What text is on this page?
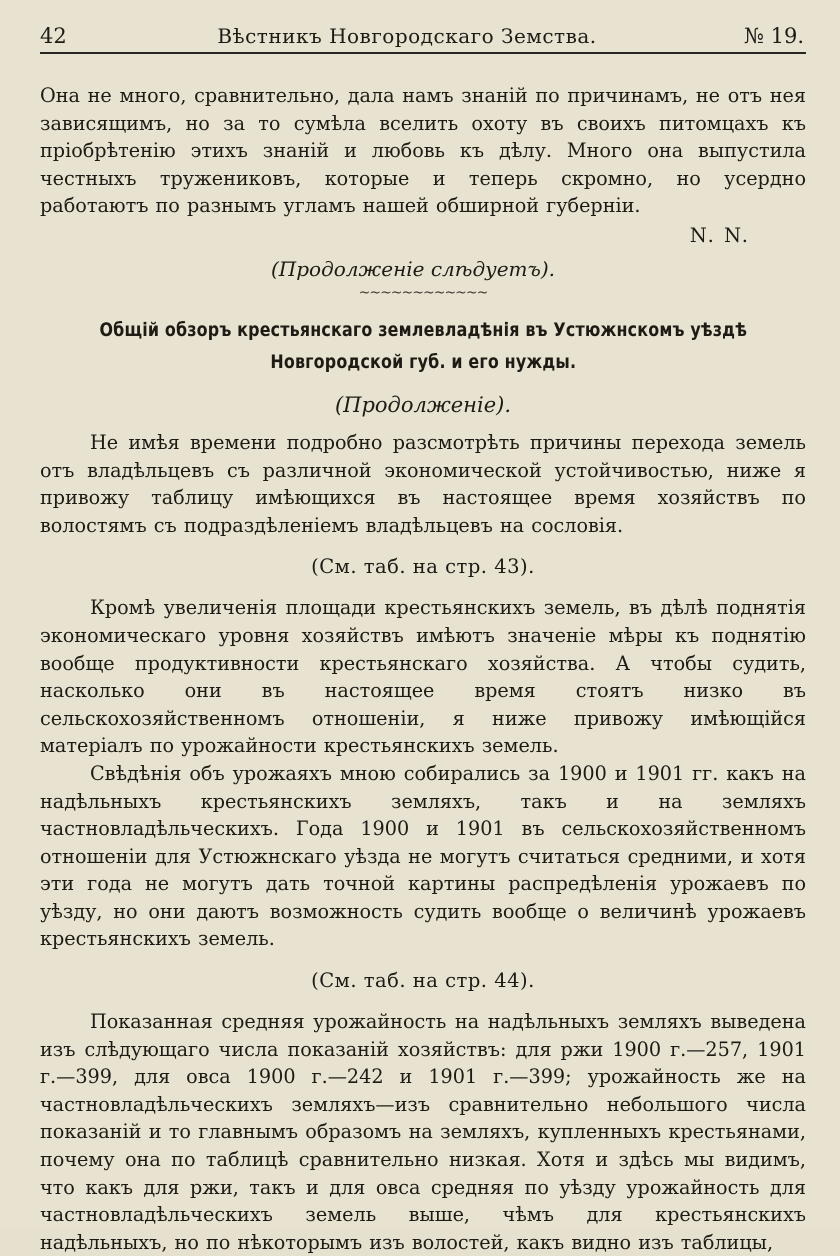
42	Вѣстникъ Новгородскаго Земства.	№ 19.

Она не много, сравнительно, дала намъ знаній по причинамъ, не отъ нея зависящимъ, но за то сумѣла вселить охоту въ своихъ питомцахъ къ пріобрѣтенію этихъ знаній и любовь къ дѣлу. Много она выпустила честныхъ тружениковъ, которые и теперь скромно, но усердно работаютъ по разнымъ угламъ нашей обширной губерніи.

N. N.
(Продолженіе слѣдуетъ).
~~~~~~~~~~~~
Общій обзоръ крестьянскаго землевладѣнія въ Устюжнскомъ уѣздѣ Новгородской губ. и его нужды.
(Продолженіе).

Не имѣя времени подробно разсмотрѣть причины перехода земель отъ владѣльцевъ съ различной экономической устойчивостью, ниже я привожу таблицу имѣющихся въ настоящее время хозяйствъ по волостямъ съ подраздѣленіемъ владѣльцевъ на сословія.

(См. таб. на стр. 43).

Кромѣ увеличенія площади крестьянскихъ земель, въ дѣлѣ поднятія экономическаго уровня хозяйствъ имѣютъ значеніе мѣры къ поднятію вообще продуктивности крестьянскаго хозяйства. А чтобы судить, насколько они въ настоящее время стоятъ низко въ сельскохозяйственномъ отношеніи, я ниже привожу имѣющійся матеріалъ по урожайности крестьянскихъ земель.

Свѣдѣнія объ урожаяхъ мною собирались за 1900 и 1901 гг. какъ на надѣльныхъ крестьянскихъ земляхъ, такъ и на земляхъ частновладѣльческихъ. Года 1900 и 1901 въ сельскохозяйственномъ отношеніи для Устюжнскаго уѣзда не могутъ считаться средними, и хотя эти года не могутъ дать точной картины распредѣленія урожаевъ по уѣзду, но они даютъ возможность судить вообще о величинѣ урожаевъ крестьянскихъ земель.

(См. таб. на стр. 44).

Показанная средняя урожайность на надѣльныхъ земляхъ выведена изъ слѣдующаго числа показаній хозяйствъ: для ржи 1900 г.—257, 1901 г.—399, для овса 1900 г.—242 и 1901 г.—399; урожайность же на частновладѣльческихъ земляхъ—изъ сравнительно небольшого числа показаній и то главнымъ образомъ на земляхъ, купленныхъ крестьянами, почему она по таблицѣ сравнительно низкая. Хотя и здѣсь мы видимъ, что какъ для ржи, такъ и для овса средняя по уѣзду урожайность для частновладѣльческихъ земель выше, чѣмъ для крестьянскихъ надѣльныхъ, но по нѣкоторымъ изъ волостей, какъ видно изъ таблицы,
